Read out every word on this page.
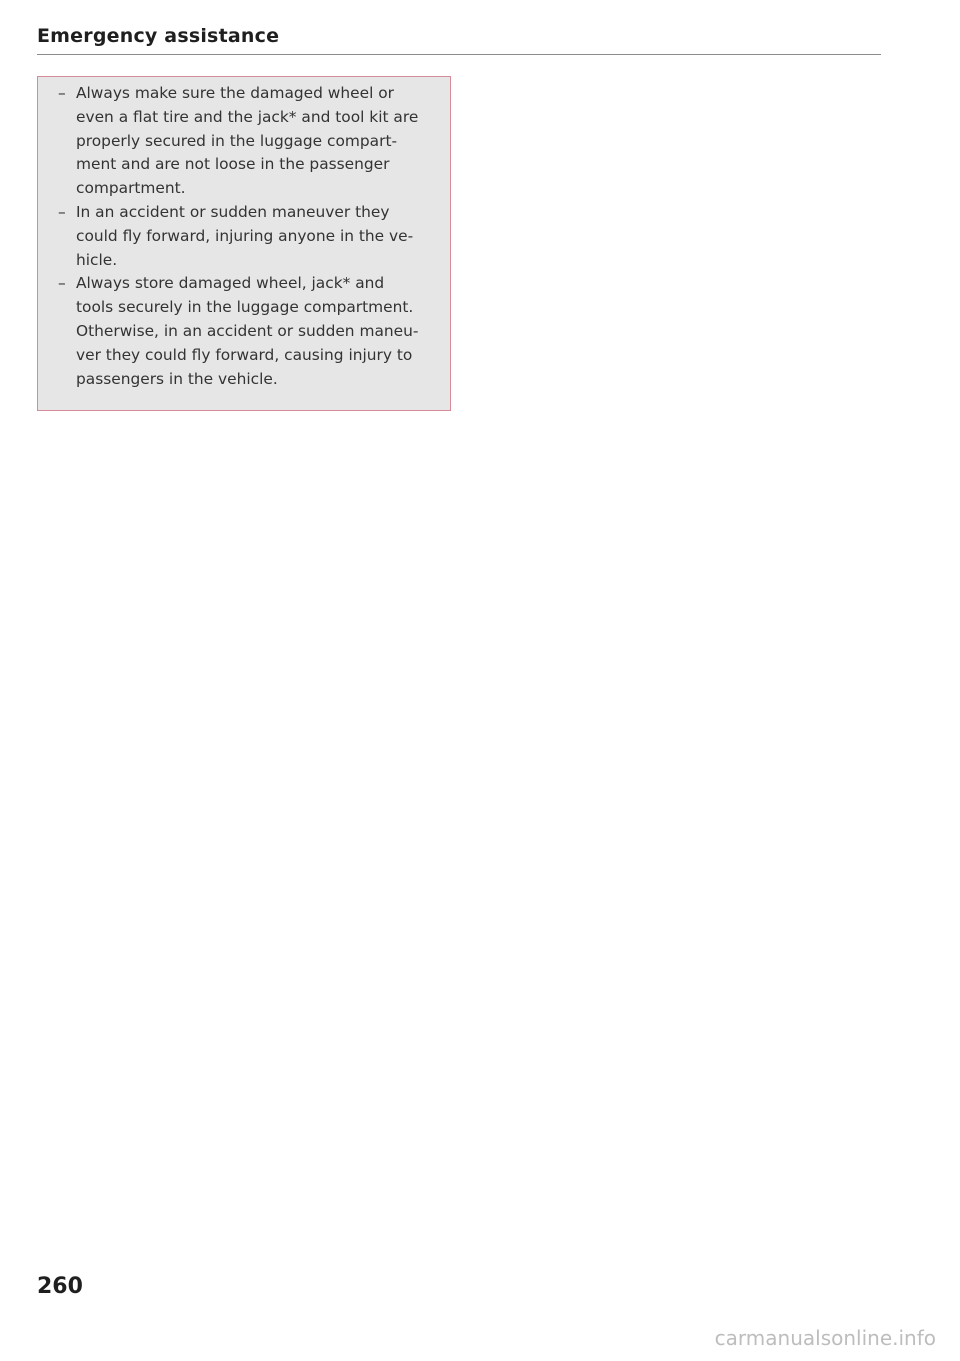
Emergency assistance
– Always make sure the damaged wheel or
even a flat tire and the jack* and tool kit are
properly secured in the luggage compart-
ment and are not loose in the passenger
compartment.
– In an accident or sudden maneuver they
could fly forward, injuring anyone in the ve-
hicle.
– Always store damaged wheel, jack* and
tools securely in the luggage compartment.
Otherwise, in an accident or sudden maneu-
ver they could fly forward, causing injury to
passengers in the vehicle.
260
carmanualsonline.info
